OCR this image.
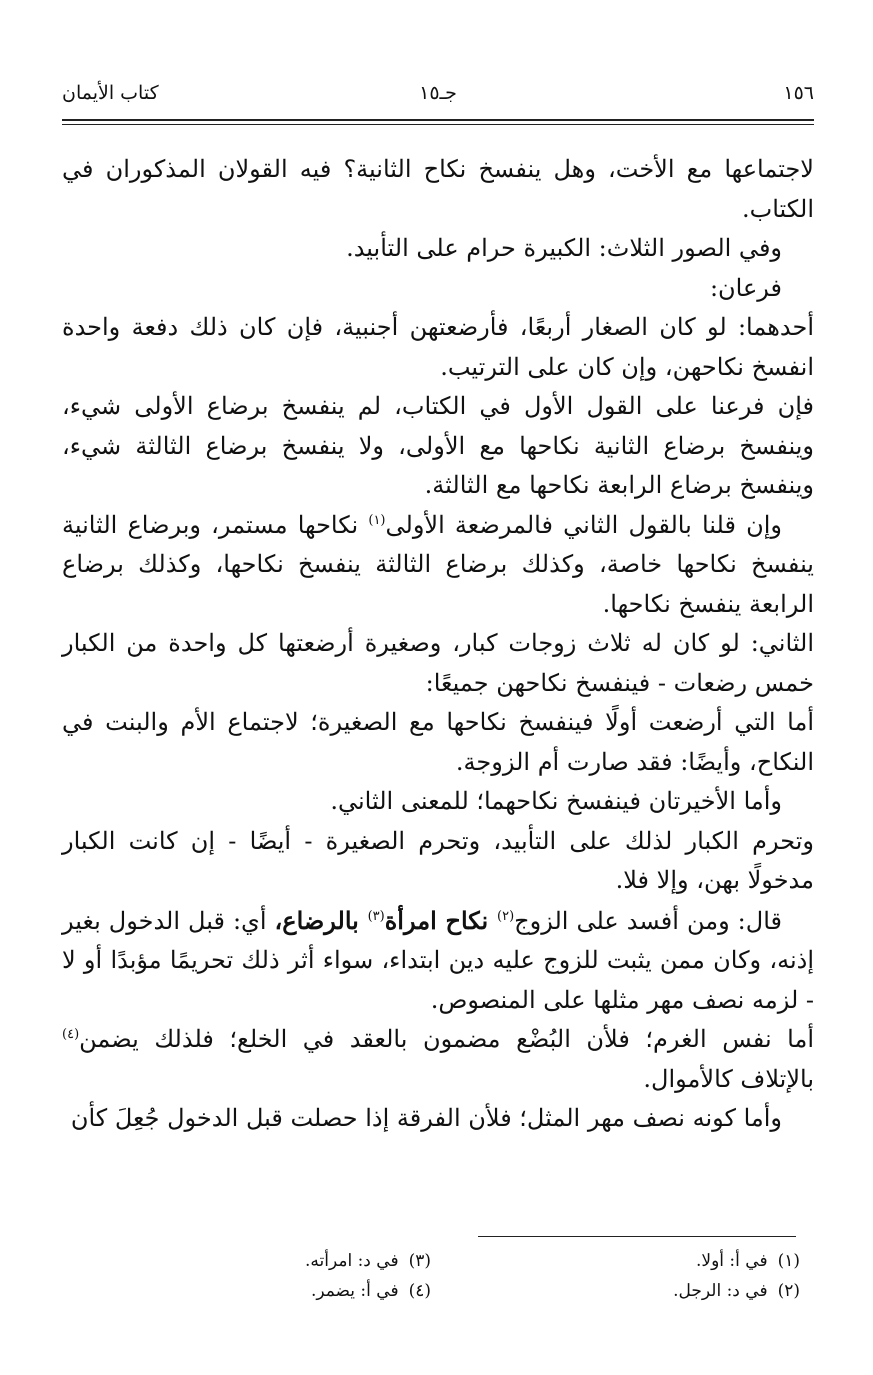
١٥٦
جـ١٥
كتاب الأيمان

لاجتماعها مع الأخت، وهل ينفسخ نكاح الثانية؟ فيه القولان المذكوران في الكتاب.

وفي الصور الثلاث: الكبيرة حرام على التأبيد.

فرعان:

أحدهما: لو كان الصغار أربعًا، فأرضعتهن أجنبية، فإن كان ذلك دفعة واحدة انفسخ نكاحهن، وإن كان على الترتيب.

فإن فرعنا على القول الأول في الكتاب، لم ينفسخ برضاع الأولى شيء، وينفسخ برضاع الثانية نكاحها مع الأولى، ولا ينفسخ برضاع الثالثة شيء، وينفسخ برضاع الرابعة نكاحها مع الثالثة.

وإن قلنا بالقول الثاني فالمرضعة الأولى$^{(١)}$ نكاحها مستمر، وبرضاع الثانية ينفسخ نكاحها خاصة، وكذلك برضاع الثالثة ينفسخ نكاحها، وكذلك برضاع الرابعة ينفسخ نكاحها.

الثاني: لو كان له ثلاث زوجات كبار، وصغيرة أرضعتها كل واحدة من الكبار خمس رضعات - فينفسخ نكاحهن جميعًا:

أما التي أرضعت أولًا فينفسخ نكاحها مع الصغيرة؛ لاجتماع الأم والبنت في النكاح، وأيضًا: فقد صارت أم الزوجة.

وأما الأخيرتان فينفسخ نكاحهما؛ للمعنى الثاني.

وتحرم الكبار لذلك على التأبيد، وتحرم الصغيرة - أيضًا - إن كانت الكبار مدخولًا بهن، وإلا فلا.

قال: ومن أفسد على الزوج$^{(٢)}$ نكاح امرأة$^{(٣)}$ بالرضاع، أي: قبل الدخول بغير إذنه، وكان ممن يثبت للزوج عليه دين ابتداء، سواء أثر ذلك تحريمًا مؤبدًا أو لا - لزمه نصف مهر مثلها على المنصوص.

أما نفس الغرم؛ فلأن البُضْع مضمون بالعقد في الخلع؛ فلذلك يضمن$^{(٤)}$ بالإتلاف كالأموال.

وأما كونه نصف مهر المثل؛ فلأن الفرقة إذا حصلت قبل الدخول جُعِلَ كأن

(١)في أ: أولا.
(٣)في د: امرأته.
(٢)في د: الرجل.
(٤)في أ: يضمر.
